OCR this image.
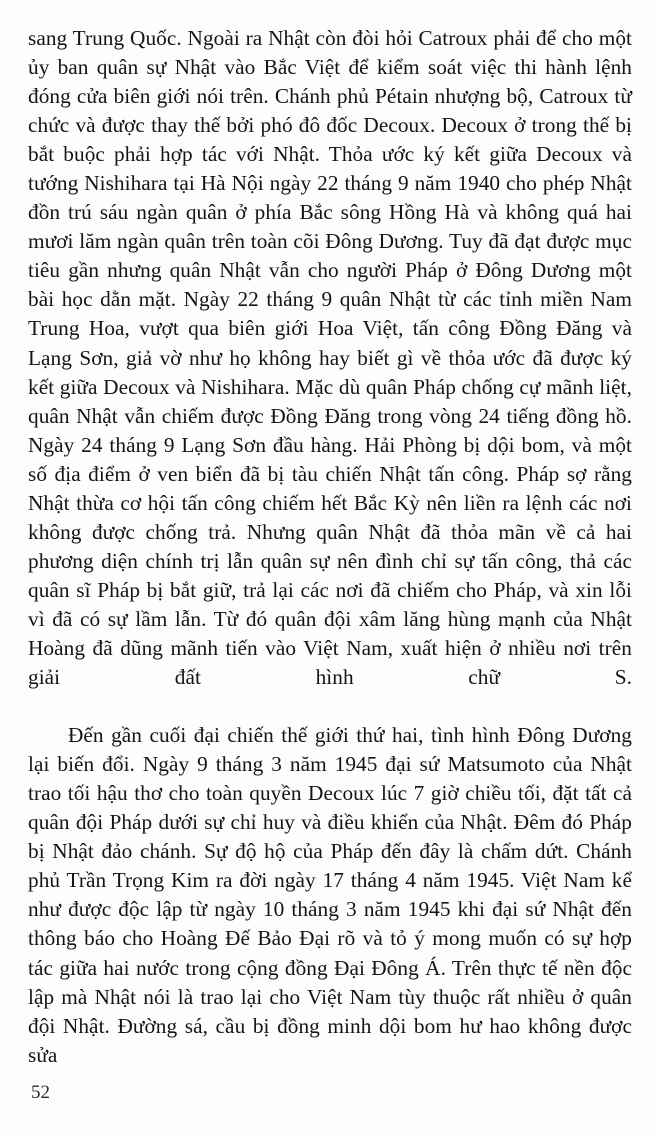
sang Trung Quốc. Ngoài ra Nhật còn đòi hỏi Catroux phải để cho một ủy ban quân sự Nhật vào Bắc Việt để kiểm soát việc thi hành lệnh đóng cửa biên giới nói trên. Chánh phủ Pétain nhượng bộ, Catroux từ chức và được thay thế bởi phó đô đốc Decoux. Decoux ở trong thế bị bắt buộc phải hợp tác với Nhật. Thỏa ước ký kết giữa Decoux và tướng Nishihara tại Hà Nội ngày 22 tháng 9 năm 1940 cho phép Nhật đồn trú sáu ngàn quân ở phía Bắc sông Hồng Hà và không quá hai mươi lăm ngàn quân trên toàn cõi Đông Dương. Tuy đã đạt được mục tiêu gần nhưng quân Nhật vẫn cho người Pháp ở Đông Dương một bài học dằn mặt. Ngày 22 tháng 9 quân Nhật từ các tỉnh miền Nam Trung Hoa, vượt qua biên giới Hoa Việt, tấn công Đồng Đăng và Lạng Sơn, giả vờ như họ không hay biết gì về thỏa ước đã được ký kết giữa Decoux và Nishihara. Mặc dù quân Pháp chống cự mãnh liệt, quân Nhật vẫn chiếm được Đồng Đăng trong vòng 24 tiếng đồng hồ. Ngày 24 tháng 9 Lạng Sơn đầu hàng. Hải Phòng bị dội bom, và một số địa điểm ở ven biển đã bị tàu chiến Nhật tấn công. Pháp sợ rằng Nhật thừa cơ hội tấn công chiếm hết Bắc Kỳ nên liền ra lệnh các nơi không được chống trả. Nhưng quân Nhật đã thỏa mãn về cả hai phương diện chính trị lẫn quân sự nên đình chỉ sự tấn công, thả các quân sĩ Pháp bị bắt giữ, trả lại các nơi đã chiếm cho Pháp, và xin lỗi vì đã có sự lầm lẫn. Từ đó quân đội xâm lăng hùng mạnh của Nhật Hoàng đã dũng mãnh tiến vào Việt Nam, xuất hiện ở nhiều nơi trên giải đất hình chữ S.

Đến gần cuối đại chiến thế giới thứ hai, tình hình Đông Dương lại biến đổi. Ngày 9 tháng 3 năm 1945 đại sứ Matsumoto của Nhật trao tối hậu thơ cho toàn quyền Decoux lúc 7 giờ chiều tối, đặt tất cả quân đội Pháp dưới sự chỉ huy và điều khiển của Nhật. Đêm đó Pháp bị Nhật đảo chánh. Sự độ hộ của Pháp đến đây là chấm dứt. Chánh phủ Trần Trọng Kim ra đời ngày 17 tháng 4 năm 1945. Việt Nam kể như được độc lập từ ngày 10 tháng 3 năm 1945 khi đại sứ Nhật đến thông báo cho Hoàng Đế Bảo Đại rõ và tỏ ý mong muốn có sự hợp tác giữa hai nước trong cộng đồng Đại Đông Á. Trên thực tế nền độc lập mà Nhật nói là trao lại cho Việt Nam tùy thuộc rất nhiều ở quân đội Nhật. Đường sá, cầu bị đồng minh dội bom hư hao không được sửa

52
